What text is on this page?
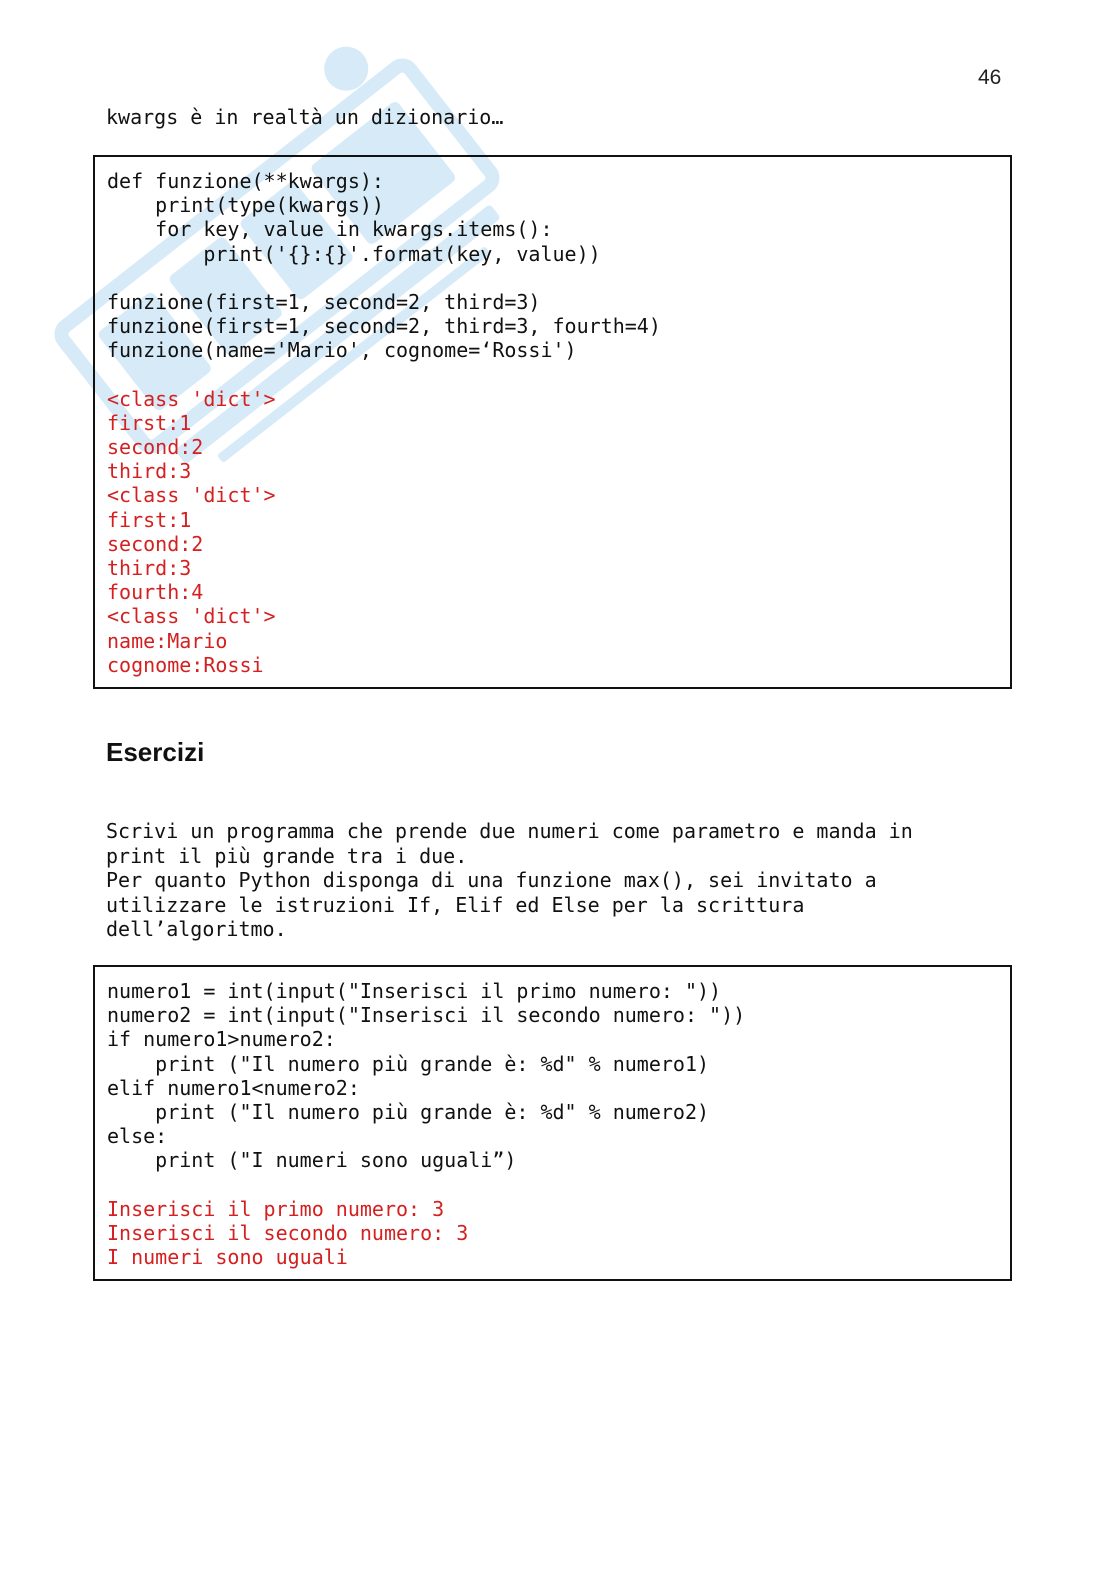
46
kwargs è in realtà un dizionario…
def funzione(**kwargs):
print(type(kwargs))
for key, value in kwargs.items():
print('{}:{}'.format(key, value))
funzione(first=1, second=2, third=3)
funzione(first=1, second=2, third=3, fourth=4)
funzione(name='Mario', cognome=‘Rossi')
<class 'dict'>
first:1
second:2
third:3
<class 'dict'>
first:1
second:2
third:3
fourth:4
<class 'dict'>
name:Mario
cognome:Rossi
Esercizi
Scrivi un programma che prende due numeri come parametro e manda in
print il più grande tra i due.
Per quanto Python disponga di una funzione max(), sei invitato a
utilizzare le istruzioni If, Elif ed Else per la scrittura
dell’algoritmo.
numero1 = int(input("Inserisci il primo numero: "))
numero2 = int(input("Inserisci il secondo numero: "))
if numero1>numero2:
print ("Il numero più grande è: %d" % numero1)
elif numero1<numero2:
print ("Il numero più grande è: %d" % numero2)
else:
print ("I numeri sono uguali”)
Inserisci il primo numero: 3
Inserisci il secondo numero: 3
I numeri sono uguali
